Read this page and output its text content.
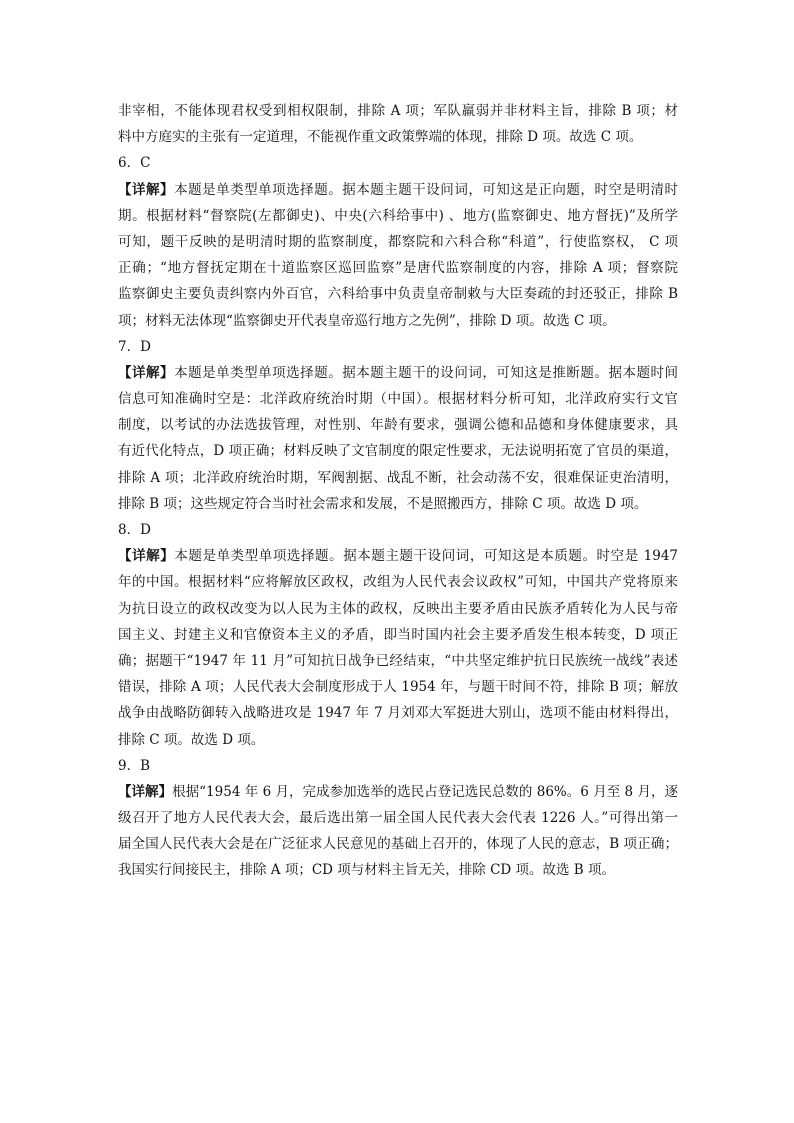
非宰相，不能体现君权受到相权限制，排除 A 项；军队羸弱并非材料主旨，排除 B 项；材
料中方庭实的主张有一定道理，不能视作重文政策弊端的体现，排除 D 项。故选 C 项。
6．C
【详解】本题是单类型单项选择题。据本题主题干设问词，可知这是正向题，时空是明清时
期。根据材料“督察院(左都御史)、中央(六科给事中) 、地方(监察御史、地方督抚)”及所学
可知，题干反映的是明清时期的监察制度，都察院和六科合称“科道”，行使监察权， C 项
正确；“地方督抚定期在十道监察区巡回监察”是唐代监察制度的内容，排除 A 项；督察院
监察御史主要负责纠察内外百官，六科给事中负责皇帝制敕与大臣奏疏的封还驳正，排除 B
项；材料无法体现“监察御史开代表皇帝巡行地方之先例”，排除 D 项。故选 C 项。
7．D
【详解】本题是单类型单项选择题。据本题主题干的设问词，可知这是推断题。据本题时间
信息可知准确时空是：北洋政府统治时期（中国）。根据材料分析可知，北洋政府实行文官
制度，以考试的办法选拔管理，对性别、年龄有要求，强调公德和品德和身体健康要求，具
有近代化特点，D 项正确；材料反映了文官制度的限定性要求，无法说明拓宽了官员的渠道，
排除 A 项；北洋政府统治时期，军阀割据、战乱不断，社会动荡不安，很难保证吏治清明，
排除 B 项；这些规定符合当时社会需求和发展，不是照搬西方，排除 C 项。故选 D 项。
8．D
【详解】本题是单类型单项选择题。据本题主题干设问词，可知这是本质题。时空是 1947
年的中国。根据材料“应将解放区政权，改组为人民代表会议政权”可知，中国共产党将原来
为抗日设立的政权改变为以人民为主体的政权，反映出主要矛盾由民族矛盾转化为人民与帝
国主义、封建主义和官僚资本主义的矛盾，即当时国内社会主要矛盾发生根本转变，D 项正
确；据题干“1947 年 11 月”可知抗日战争已经结束，“中共坚定维护抗日民族统一战线”表述
错误，排除 A 项；人民代表大会制度形成于人 1954 年，与题干时间不符，排除 B 项；解放
战争由战略防御转入战略进攻是 1947 年 7 月刘邓大军挺进大别山，选项不能由材料得出，
排除 C 项。故选 D 项。
9．B
【详解】根据“1954 年 6 月，完成参加选举的选民占登记选民总数的 86%。6 月至 8 月，逐
级召开了地方人民代表大会，最后选出第一届全国人民代表大会代表 1226 人。”可得出第一
届全国人民代表大会是在广泛征求人民意见的基础上召开的，体现了人民的意志，B 项正确；
我国实行间接民主，排除 A 项；CD 项与材料主旨无关，排除 CD 项。故选 B 项。
